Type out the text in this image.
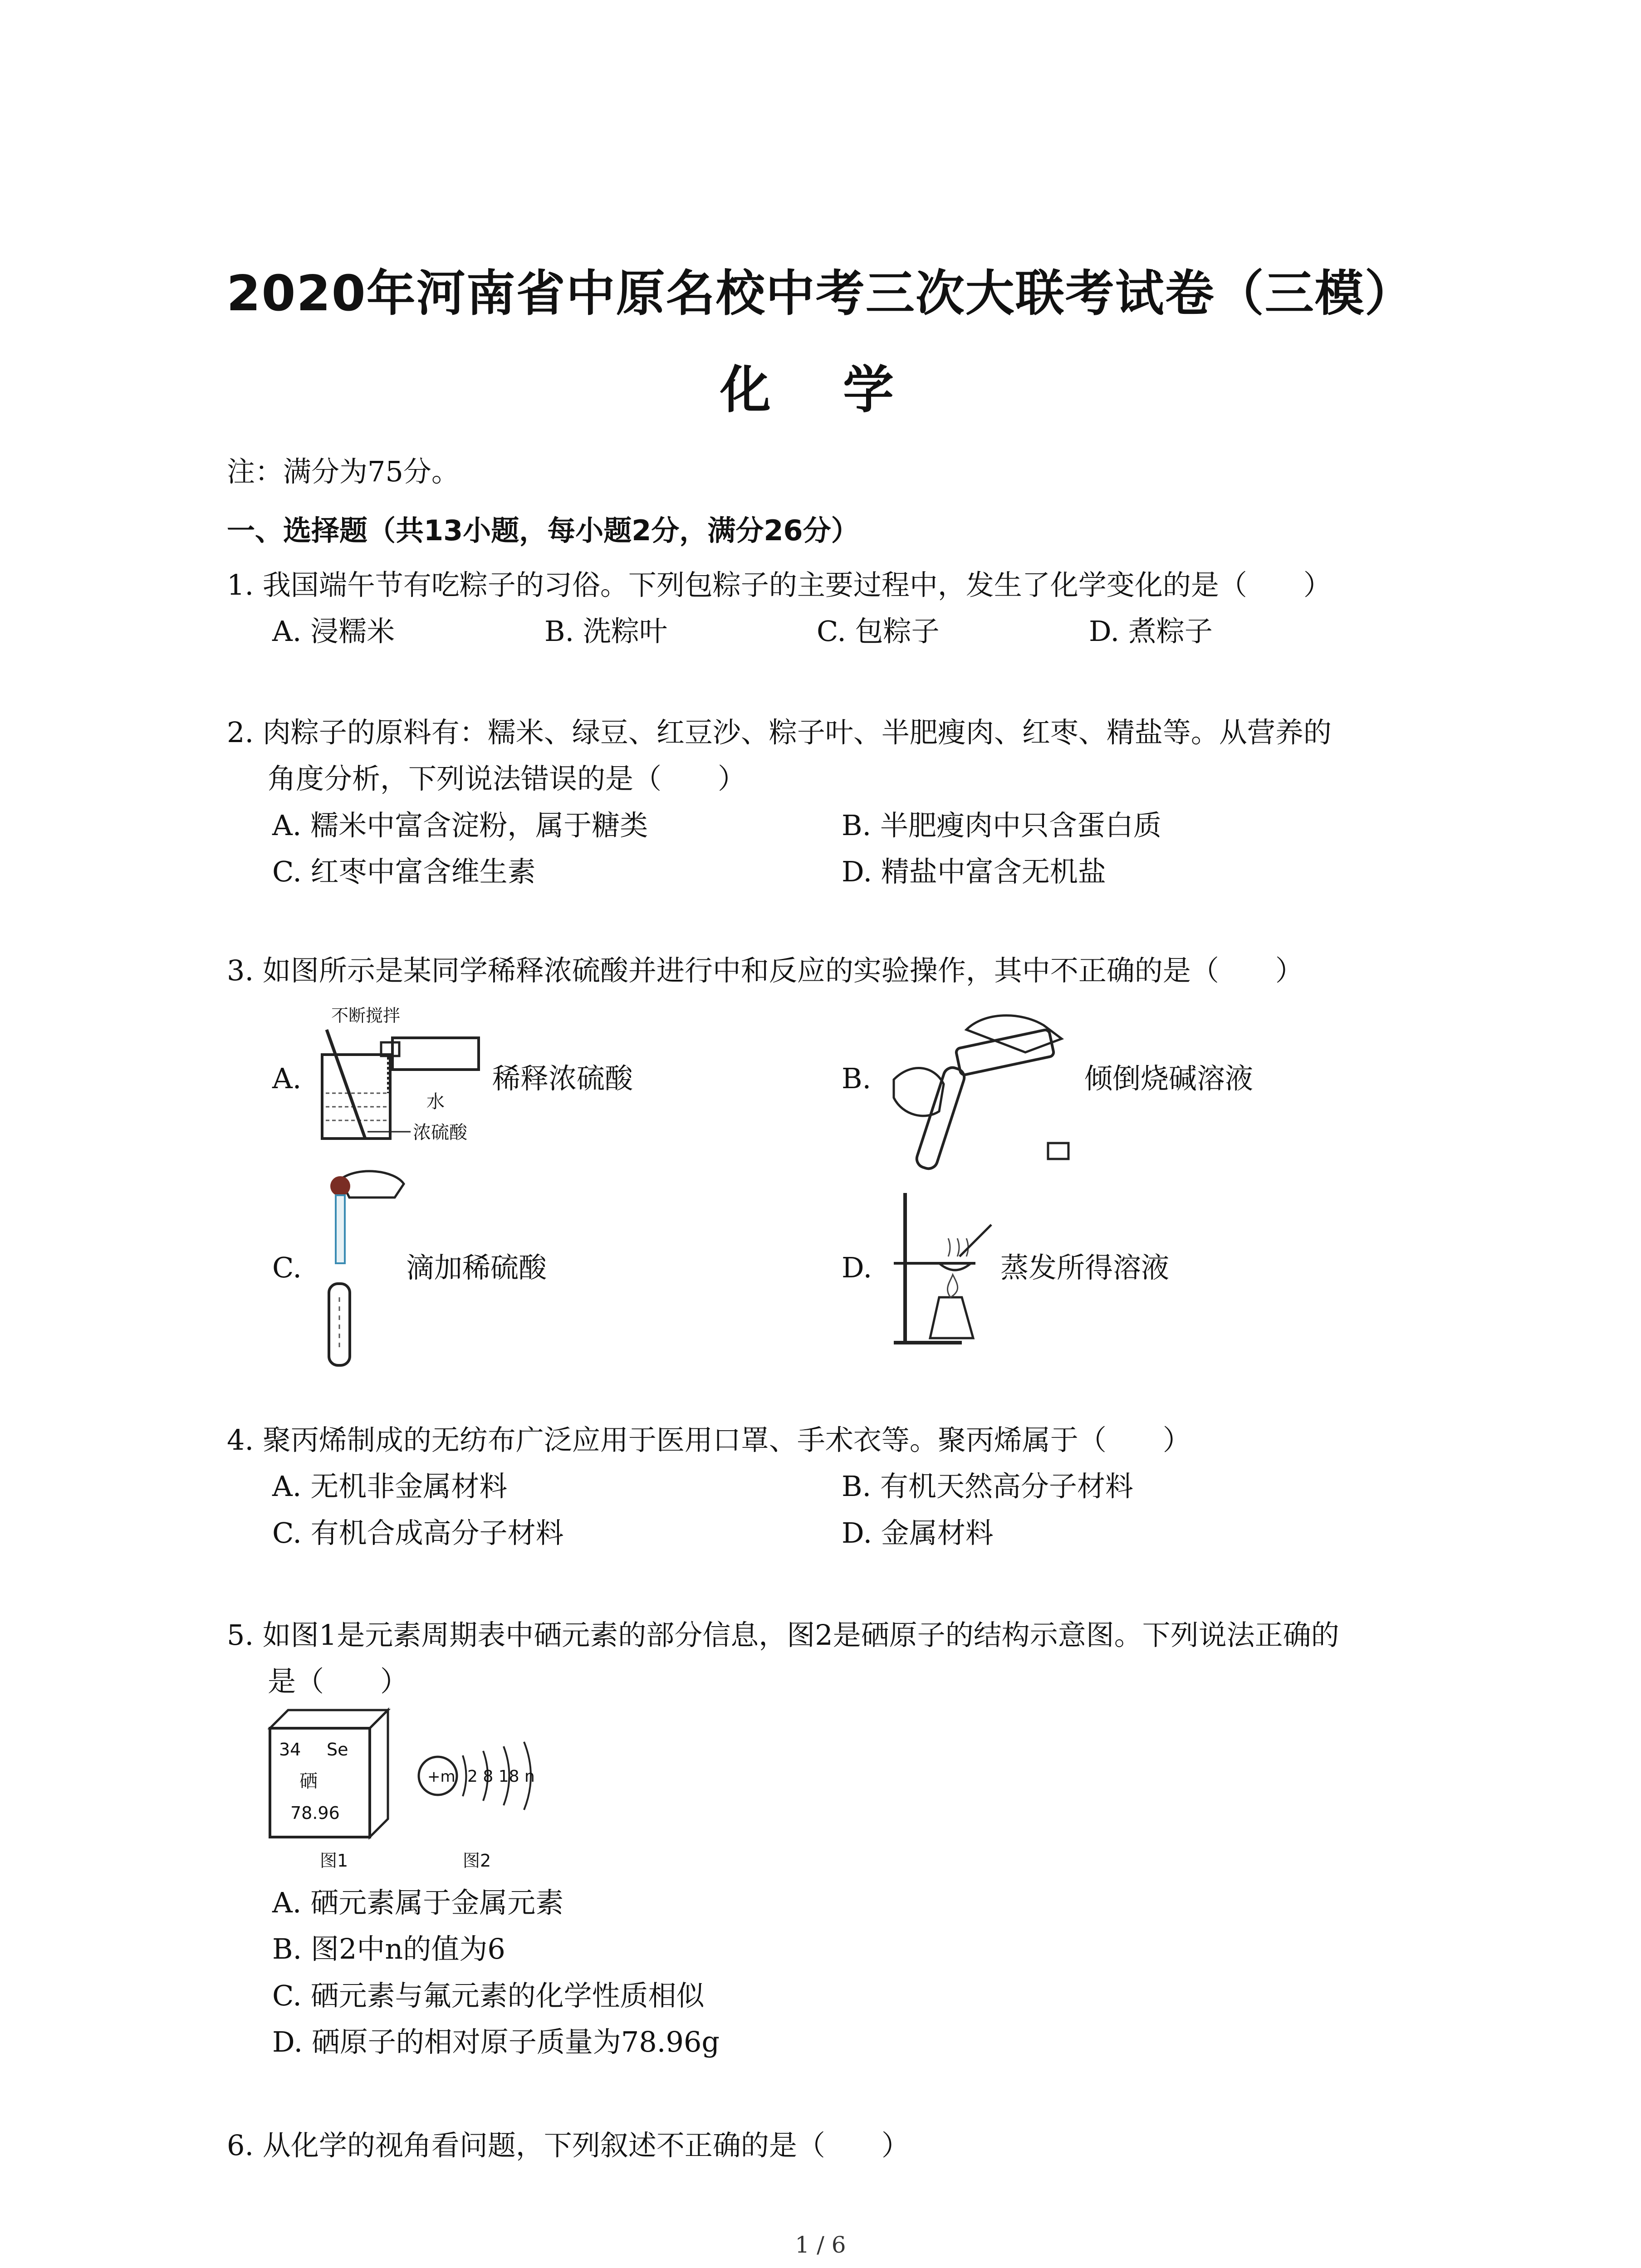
2020年河南省中原名校中考三次大联考试卷（三模）
化 学
注：满分为75分。
一、选择题（共13小题，每小题2分，满分26分）
1. 我国端午节有吃粽子的习俗。下列包粽子的主要过程中，发生了化学变化的是（　　）
A. 浸糯米	B. 洗粽叶	C. 包粽子	D. 煮粽子
2. 肉粽子的原料有：糯米、绿豆、红豆沙、粽子叶、半肥瘦肉、红枣、精盐等。从营养的
角度分析，下列说法错误的是（　　）
A. 糯米中富含淀粉，属于糖类	B. 半肥瘦肉中只含蛋白质
C. 红枣中富含维生素	D. 精盐中富含无机盐
3. 如图所示是某同学稀释浓硫酸并进行中和反应的实验操作，其中不正确的是（　　）
A.
不断搅拌
水
浓硫酸
稀释浓硫酸	B.	倾倒烧碱溶液
C.	滴加稀硫酸	D.	蒸发所得溶液
4. 聚丙烯制成的无纺布广泛应用于医用口罩、手术衣等。聚丙烯属于（　　）
A. 无机非金属材料	B. 有机天然高分子材料
C. 有机合成高分子材料	D. 金属材料
5. 如图1是元素周期表中硒元素的部分信息，图2是硒原子的结构示意图。下列说法正确的
是（　　）
34 Se
硒
78.96
+m 2 8 18 n
图1	图2
A. 硒元素属于金属元素
B. 图2中n的值为6
C. 硒元素与氟元素的化学性质相似
D. 硒原子的相对原子质量为78.96g
6. 从化学的视角看问题，下列叙述不正确的是（　　）
1 / 6
